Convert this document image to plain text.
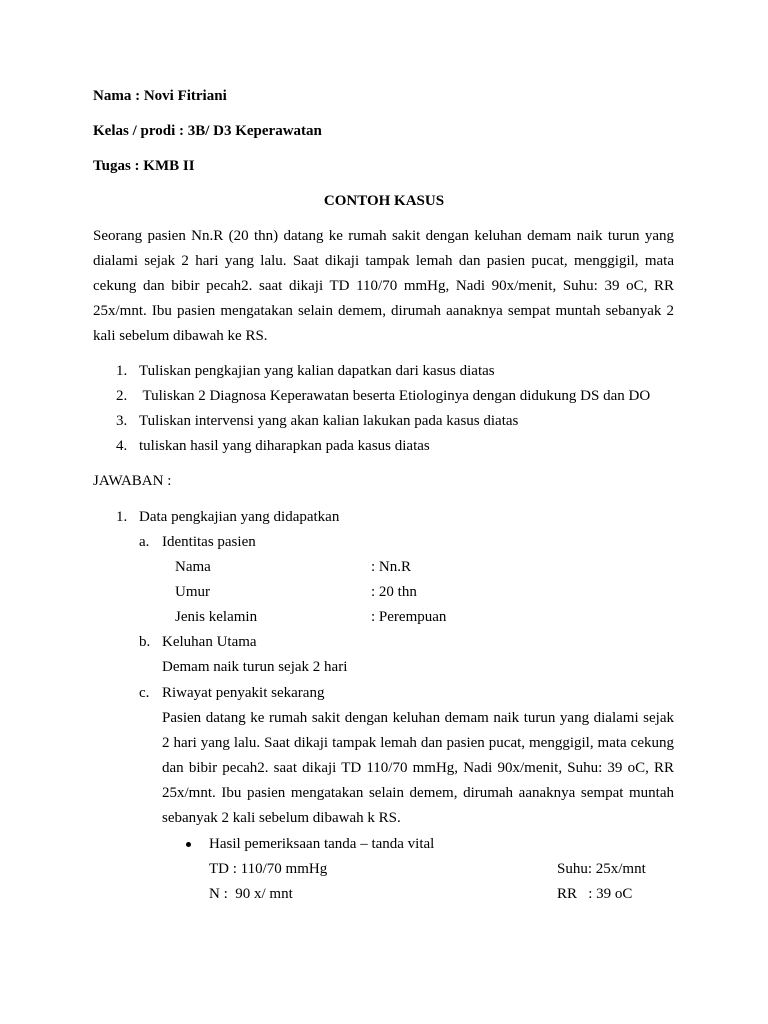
Nama : Novi Fitriani
Kelas / prodi : 3B/ D3 Keperawatan
Tugas : KMB II
CONTOH KASUS
Seorang pasien Nn.R (20 thn) datang ke rumah sakit dengan keluhan demam naik turun yang dialami sejak 2 hari yang lalu. Saat dikaji tampak lemah dan pasien pucat, menggigil, mata cekung dan bibir pecah2. saat dikaji TD 110/70 mmHg, Nadi 90x/menit, Suhu: 39 oC, RR 25x/mnt. Ibu pasien mengatakan selain demem, dirumah aanaknya sempat muntah sebanyak 2 kali sebelum dibawah ke RS.
1. Tuliskan pengkajian yang kalian dapatkan dari kasus diatas
2. Tuliskan 2 Diagnosa Keperawatan beserta Etiologinya dengan didukung DS dan DO
3. Tuliskan intervensi yang akan kalian lakukan pada kasus diatas
4. tuliskan hasil yang diharapkan pada kasus diatas
JAWABAN :
1. Data pengkajian yang didapatkan
a. Identitas pasien
Nama	: Nn.R
Umur	: 20 thn
Jenis kelamin	: Perempuan
b. Keluhan Utama
Demam naik turun sejak 2 hari
c. Riwayat penyakit sekarang
Pasien datang ke rumah sakit dengan keluhan demam naik turun yang dialami sejak 2 hari yang lalu. Saat dikaji tampak lemah dan pasien pucat, menggigil, mata cekung dan bibir pecah2. saat dikaji TD 110/70 mmHg, Nadi 90x/menit, Suhu: 39 oC, RR 25x/mnt. Ibu pasien mengatakan selain demem, dirumah aanaknya sempat muntah sebanyak 2 kali sebelum dibawah k RS.
Hasil pemeriksaan tanda – tanda vital
TD : 110/70 mmHg	Suhu: 25x/mnt
N :  90 x/ mnt	RR   : 39 oC
